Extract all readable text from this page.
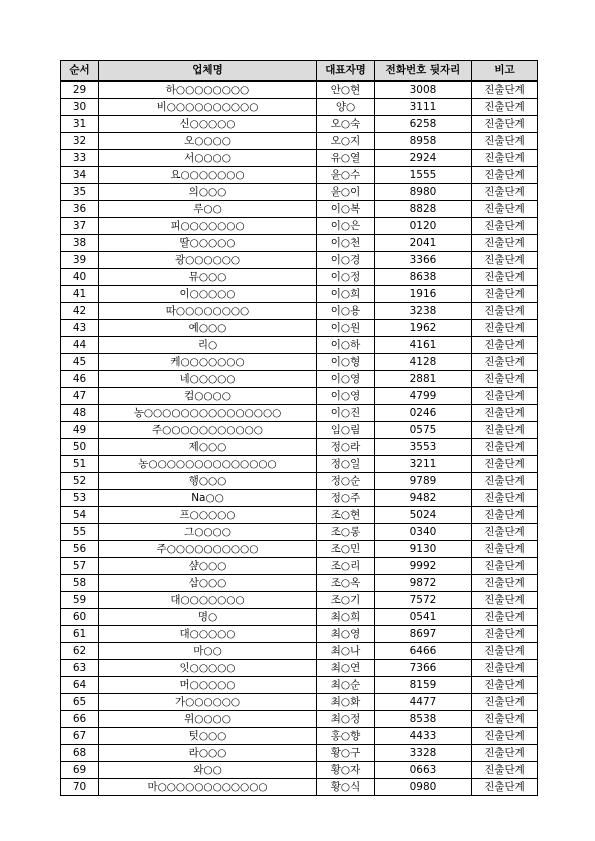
순서	업체명	대표자명	전화번호 뒷자리	비고
29	하○○○○○○○○	안○현	3008	진출단계
30	비○○○○○○○○○○	양○	3111	진출단계
31	신○○○○○	오○숙	6258	진출단계
32	오○○○○	오○지	8958	진출단계
33	서○○○○	유○열	2924	진출단계
34	요○○○○○○○	윤○수	1555	진출단계
35	의○○○	윤○이	8980	진출단계
36	루○○	이○복	8828	진출단계
37	피○○○○○○○	이○은	0120	진출단계
38	딸○○○○○	이○천	2041	진출단계
39	광○○○○○○	이○경	3366	진출단계
40	뮤○○○	이○정	8638	진출단계
41	이○○○○○	이○희	1916	진출단계
42	따○○○○○○○○	이○용	3238	진출단계
43	예○○○	이○원	1962	진출단계
44	리○	이○하	4161	진출단계
45	케○○○○○○○	이○형	4128	진출단계
46	네○○○○○	이○영	2881	진출단계
47	컴○○○○	이○영	4799	진출단계
48	농○○○○○○○○○○○○○○○	이○진	0246	진출단계
49	주○○○○○○○○○○○	임○림	0575	진출단계
50	제○○○	정○라	3553	진출단계
51	농○○○○○○○○○○○○○○	정○일	3211	진출단계
52	행○○○	정○순	9789	진출단계
53	Na○○	정○주	9482	진출단계
54	프○○○○○	조○현	5024	진출단계
55	그○○○○	조○롱	0340	진출단계
56	주○○○○○○○○○○	조○민	9130	진출단계
57	샾○○○	조○리	9992	진출단계
58	삼○○○	조○옥	9872	진출단계
59	대○○○○○○○	조○기	7572	진출단계
60	명○	최○희	0541	진출단계
61	대○○○○○	최○영	8697	진출단계
62	마○○	최○나	6466	진출단계
63	잇○○○○○	최○연	7366	진출단계
64	머○○○○○	최○순	8159	진출단계
65	가○○○○○○	최○화	4477	진출단계
66	위○○○○	최○정	8538	진출단계
67	텃○○○	홍○향	4433	진출단계
68	라○○○	황○구	3328	진출단계
69	와○○	황○자	0663	진출단계
70	마○○○○○○○○○○○○	황○식	0980	진출단계
